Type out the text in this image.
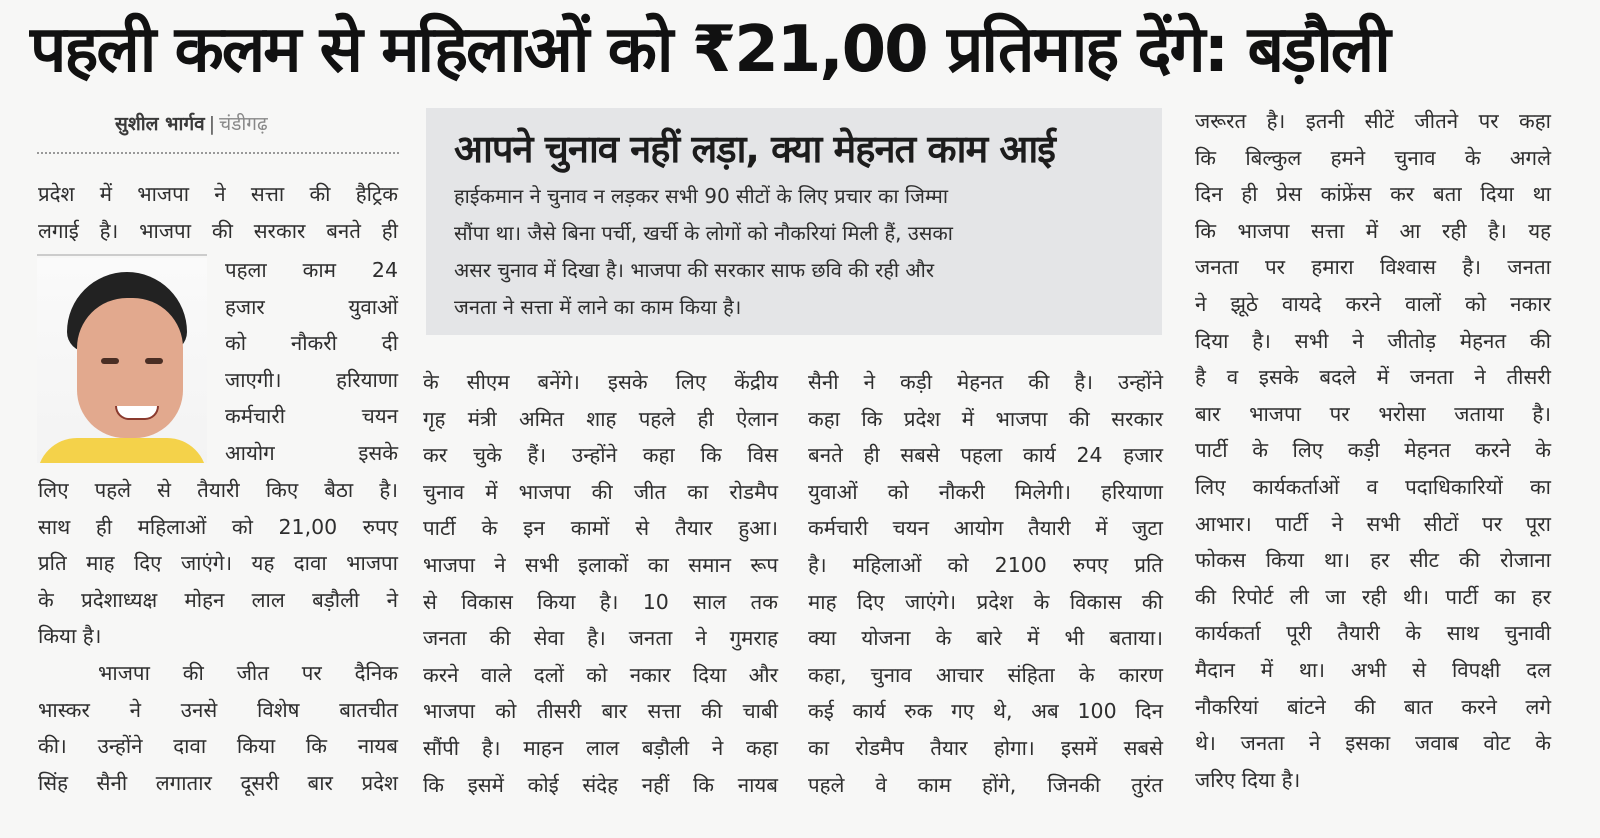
पहली कलम से महिलाओं को ₹21,00 प्रतिमाह देंगे: बड़ौली
सुशील भार्गव | चंडीगढ़
प्रदेश में भाजपा ने सत्ता की हैट्रिक
लगाई है। भाजपा की सरकार बनते ही
पहला काम 24
हजार युवाओं
को नौकरी दी
जाएगी। हरियाणा
कर्मचारी चयन
आयोग इसके
लिए पहले से तैयारी किए बैठा है।
साथ ही महिलाओं को 21,00 रुपए
प्रति माह दिए जाएंगे। यह दावा भाजपा
के प्रदेशाध्यक्ष मोहन लाल बड़ौली ने
किया है।
भाजपा की जीत पर दैनिक
भास्कर ने उनसे विशेष बातचीत
की। उन्होंने दावा किया कि नायब
सिंह सैनी लगातार दूसरी बार प्रदेश
आपने चुनाव नहीं लड़ा, क्या मेहनत काम आई
हाईकमान ने चुनाव न लड़कर सभी 90 सीटों के लिए प्रचार का जिम्मा
सौंपा था। जैसे बिना पर्ची, खर्ची के लोगों को नौकरियां मिली हैं, उसका
असर चुनाव में दिखा है। भाजपा की सरकार साफ छवि की रही और
जनता ने सत्ता में लाने का काम किया है।
के सीएम बनेंगे। इसके लिए केंद्रीय
गृह मंत्री अमित शाह पहले ही ऐलान
कर चुके हैं। उन्होंने कहा कि विस
चुनाव में भाजपा की जीत का रोडमैप
पार्टी के इन कामों से तैयार हुआ।
भाजपा ने सभी इलाकों का समान रूप
से विकास किया है। 10 साल तक
जनता की सेवा है। जनता ने गुमराह
करने वाले दलों को नकार दिया और
भाजपा को तीसरी बार सत्ता की चाबी
सौंपी है। माहन लाल बड़ौली ने कहा
कि इसमें कोई संदेह नहीं कि नायब
सैनी ने कड़ी मेहनत की है। उन्होंने
कहा कि प्रदेश में भाजपा की सरकार
बनते ही सबसे पहला कार्य 24 हजार
युवाओं को नौकरी मिलेगी। हरियाणा
कर्मचारी चयन आयोग तैयारी में जुटा
है। महिलाओं को 2100 रुपए प्रति
माह दिए जाएंगे। प्रदेश के विकास की
क्या योजना के बारे में भी बताया।
कहा, चुनाव आचार संहिता के कारण
कई कार्य रुक गए थे, अब 100 दिन
का रोडमैप तैयार होगा। इसमें सबसे
पहले वे काम होंगे, जिनकी तुरंत
जरूरत है। इतनी सीटें जीतने पर कहा
कि बिल्कुल हमने चुनाव के अगले
दिन ही प्रेस कांफ्रेंस कर बता दिया था
कि भाजपा सत्ता में आ रही है। यह
जनता पर हमारा विश्वास है। जनता
ने झूठे वायदे करने वालों को नकार
दिया है। सभी ने जीतोड़ मेहनत की
है व इसके बदले में जनता ने तीसरी
बार भाजपा पर भरोसा जताया है।
पार्टी के लिए कड़ी मेहनत करने के
लिए कार्यकर्ताओं व पदाधिकारियों का
आभार। पार्टी ने सभी सीटों पर पूरा
फोकस किया था। हर सीट की रोजाना
की रिपोर्ट ली जा रही थी। पार्टी का हर
कार्यकर्ता पूरी तैयारी के साथ चुनावी
मैदान में था। अभी से विपक्षी दल
नौकरियां बांटने की बात करने लगे
थे। जनता ने इसका जवाब वोट के
जरिए दिया है।
